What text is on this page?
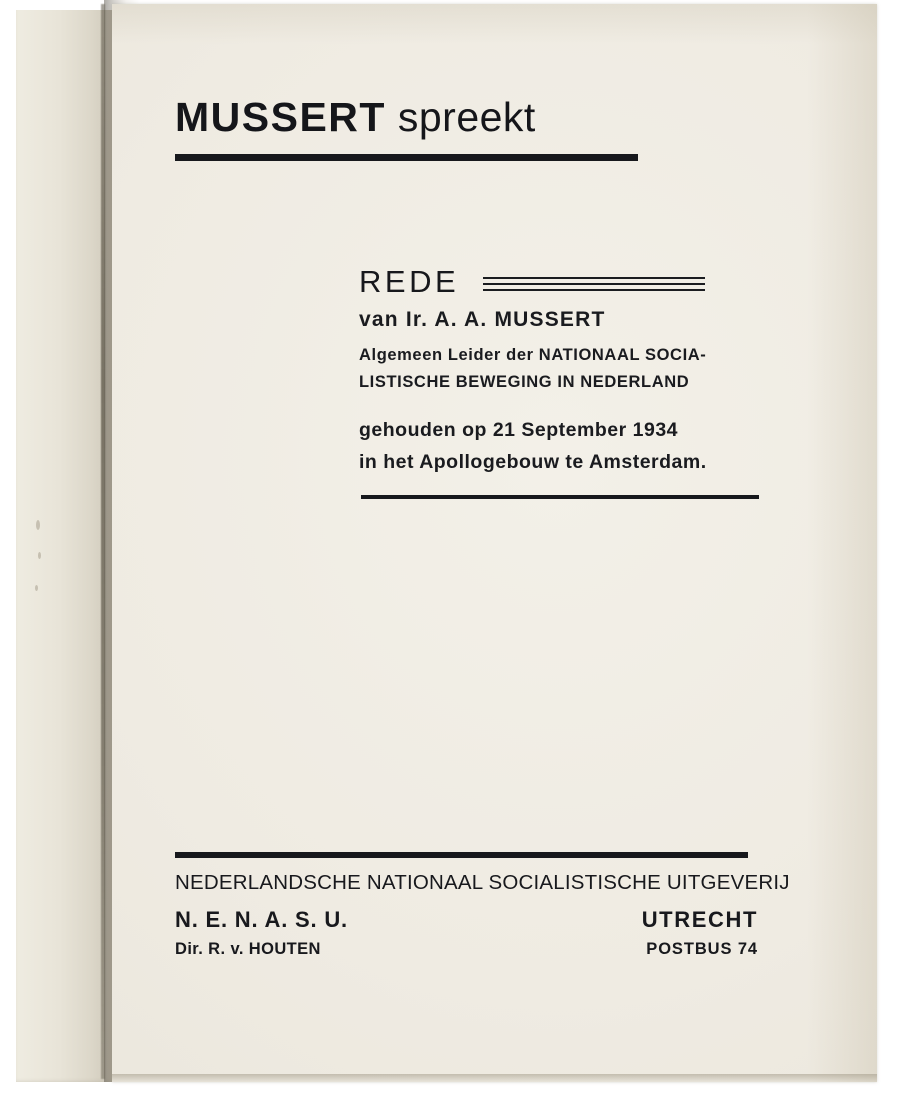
MUSSERT spreekt
REDE
van Ir. A. A. MUSSERT
Algemeen Leider der NATIONAAL SOCIA-
LISTISCHE BEWEGING IN NEDERLAND
gehouden op 21 September 1934
in het Apollogebouw te Amsterdam.
NEDERLANDSCHE NATIONAAL SOCIALISTISCHE UITGEVERIJ
N. E. N. A. S. U.
Dir. R. v. HOUTEN
UTRECHT
POSTBUS 74
